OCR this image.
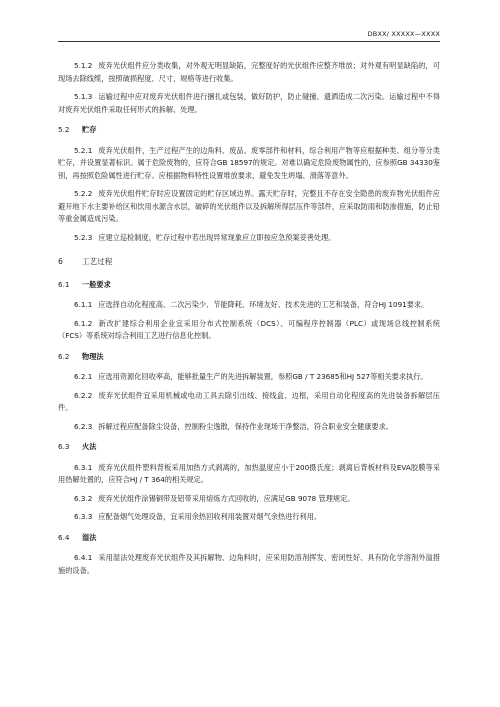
DBXX/ XXXXX—XXXX

5.1.2 废弃光伏组件应分类收集，对外观无明显缺陷，完整度好的光伏组件应整齐堆放；对外观有明显缺陷的，可现场去除线缆，按照破损程度、尺寸、规格等进行收集。

5.1.3 运输过程中应对废弃光伏组件进行捆扎或包装，做好防护，防止碰撞、遗洒造成二次污染。运输过程中不得对废弃光伏组件采取任何形式的拆解、处理。

5.2 贮存

5.2.1 废弃光伏组件，生产过程产生的边角料、废品、废零部件和材料，综合利用产物等应根据种类、组分等分类贮存，并设置显著标识。属于危险废物的，应符合GB 18597的规定。对难以确定危险废物属性的，应参照GB 34330鉴别，再按照危险属性进行贮存。应根据物料特性设置堆放要求，避免发生坍塌、滑落等意外。

5.2.2 废弃光伏组件贮存时应设置固定的贮存区域边界。露天贮存时，完整且不存在安全隐患的废弃物光伏组件应避开地下水主要补给区和饮用水源含水层，破碎的光伏组件以及拆解所得层压件等部件，应采取防雨和防渗措施，防止铅等重金属造成污染。

5.2.3 应建立巡检制度，贮存过程中若出现异常现象应立即按应急预案妥善处理。

6	工艺过程
6.1 一般要求

6.1.1 应选择自动化程度高、二次污染少、节能降耗、环境友好、技术先进的工艺和装备，符合HJ 1091要求。

6.1.2 新改扩建综合利用企业宜采用分布式控制系统（DCS）、可编程序控制器（PLC）或现场总线控制系统（FCS）等系统对综合利用工艺进行信息化控制。

6.2 物理法

6.2.1 应选用资源化回收率高，能够批量生产的先进拆解装置，参照GB / T 23685和HJ 527等相关要求执行。

6.2.2 废弃光伏组件宜采用机械或电动工具去除引出线、接线盒、边框，采用自动化程度高的先进装备拆解层压件。

6.2.3 拆解过程应配备除尘设备，控制粉尘逸散，保持作业现场干净整洁，符合职业安全健康要求。

6.3 火法

6.3.1 废弃光伏组件塑料背板采用加热方式剥离的，加热温度应小于200摄氏度；剥离后背板材料及EVA胶膜等采用热解处置的，应符合HJ / T 364的相关规定。

6.3.2 废弃光伏组件涂锡铜带及铝带采用熔炼方式回收的，应满足GB 9078 管理规定。

6.3.3 应配备烟气处理设备，宜采用余热回收利用装置对烟气余热进行利用。

6.4 湿法

6.4.1 采用湿法处理废弃光伏组件及其拆解物、边角料时，应采用防溶剂挥发、密闭性好、具有防化学溶剂外溢措施的设备。
